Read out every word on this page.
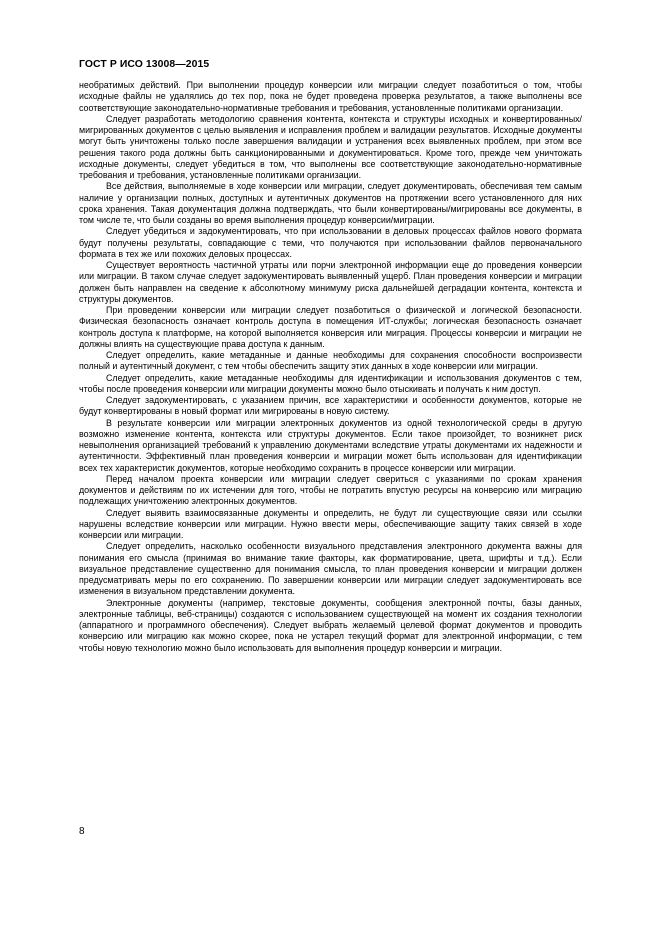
ГОСТ Р ИСО 13008—2015

необратимых действий. При выполнении процедур конверсии или миграции следует позаботиться о том, чтобы исходные файлы не удалялись до тех пор, пока не будет проведена проверка результатов, а также выполнены все соответствующие законодательно-нормативные требования и требования, установленные политиками организации.

Следует разработать методологию сравнения контента, контекста и структуры исходных и конвертированных/мигрированных документов с целью выявления и исправления проблем и валидации результатов. Исходные документы могут быть уничтожены только после завершения валидации и устранения всех выявленных проблем, при этом все решения такого рода должны быть санкционированными и документироваться. Кроме того, прежде чем уничтожать исходные документы, следует убедиться в том, что выполнены все соответствующие законодательно-нормативные требования и требования, установленные политиками организации.

Все действия, выполняемые в ходе конверсии или миграции, следует документировать, обеспечивая тем самым наличие у организации полных, доступных и аутентичных документов на протяжении всего установленного для них срока хранения. Такая документация должна подтверждать, что были конвертированы/мигрированы все документы, в том числе те, что были созданы во время выполнения процедур конверсии/миграции.

Следует убедиться и задокументировать, что при использовании в деловых процессах файлов нового формата будут получены результаты, совпадающие с теми, что получаются при использовании файлов первоначального формата в тех же или похожих деловых процессах.

Существует вероятность частичной утраты или порчи электронной информации еще до проведения конверсии или миграции. В таком случае следует задокументировать выявленный ущерб. План проведения конверсии и миграции должен быть направлен на сведение к абсолютному минимуму риска дальнейшей деградации контента, контекста и структуры документов.

При проведении конверсии или миграции следует позаботиться о физической и логической безопасности. Физическая безопасность означает контроль доступа в помещения ИТ-службы; логическая безопасность означает контроль доступа к платформе, на которой выполняется конверсия или миграция. Процессы конверсии и миграции не должны влиять на существующие права доступа к данным.

Следует определить, какие метаданные и данные необходимы для сохранения способности воспроизвести полный и аутентичный документ, с тем чтобы обеспечить защиту этих данных в ходе конверсии или миграции.

Следует определить, какие метаданные необходимы для идентификации и использования документов с тем, чтобы после проведения конверсии или миграции документы можно было отыскивать и получать к ним доступ.

Следует задокументировать, с указанием причин, все характеристики и особенности документов, которые не будут конвертированы в новый формат или мигрированы в новую систему.

В результате конверсии или миграции электронных документов из одной технологической среды в другую возможно изменение контента, контекста или структуры документов. Если такое произойдет, то возникнет риск невыполнения организацией требований к управлению документами вследствие утраты документами их надежности и аутентичности. Эффективный план проведения конверсии и миграции может быть использован для идентификации всех тех характеристик документов, которые необходимо сохранить в процессе конверсии или миграции.

Перед началом проекта конверсии или миграции следует свериться с указаниями по срокам хранения документов и действиям по их истечении для того, чтобы не потратить впустую ресурсы на конверсию или миграцию подлежащих уничтожению электронных документов.

Следует выявить взаимосвязанные документы и определить, не будут ли существующие связи или ссылки нарушены вследствие конверсии или миграции. Нужно ввести меры, обеспечивающие защиту таких связей в ходе конверсии или миграции.

Следует определить, насколько особенности визуального представления электронного документа важны для понимания его смысла (принимая во внимание такие факторы, как форматирование, цвета, шрифты и т.д.). Если визуальное представление существенно для понимания смысла, то план проведения конверсии и миграции должен предусматривать меры по его сохранению. По завершении конверсии или миграции следует задокументировать все изменения в визуальном представлении документа.

Электронные документы (например, текстовые документы, сообщения электронной почты, базы данных, электронные таблицы, веб-страницы) создаются с использованием существующей на момент их создания технологии (аппаратного и программного обеспечения). Следует выбрать желаемый целевой формат документов и проводить конверсию или миграцию как можно скорее, пока не устарел текущий формат для электронной информации, с тем чтобы новую технологию можно было использовать для выполнения процедур конверсии и миграции.

8
